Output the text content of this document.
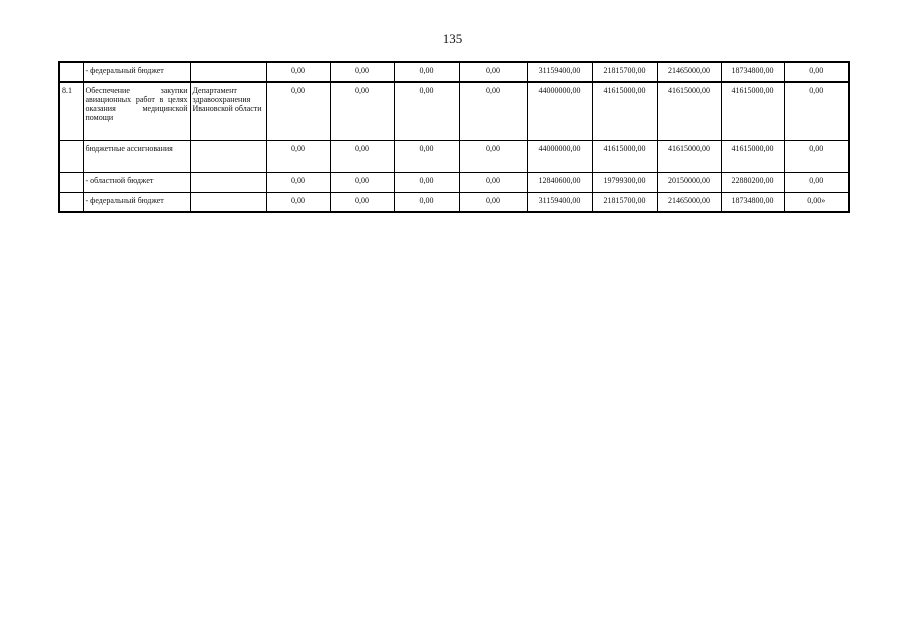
135
	- федеральный бюджет		0,00	0,00	0,00	0,00	31159400,00	21815700,00	21465000,00	18734800,00	0,00
8.1	Обеспечение закупки авиационных работ в целях оказания медицинской помощи	Департамент здравоохранения Ивановской области	0,00	0,00	0,00	0,00	44000000,00	41615000,00	41615000,00	41615000,00	0,00
	бюджетные ассигнования		0,00	0,00	0,00	0,00	44000000,00	41615000,00	41615000,00	41615000,00	0,00
	- областной бюджет		0,00	0,00	0,00	0,00	12840600,00	19799300,00	20150000,00	22880200,00	0,00
	- федеральный бюджет		0,00	0,00	0,00	0,00	31159400,00	21815700,00	21465000,00	18734800,00	0,00»
